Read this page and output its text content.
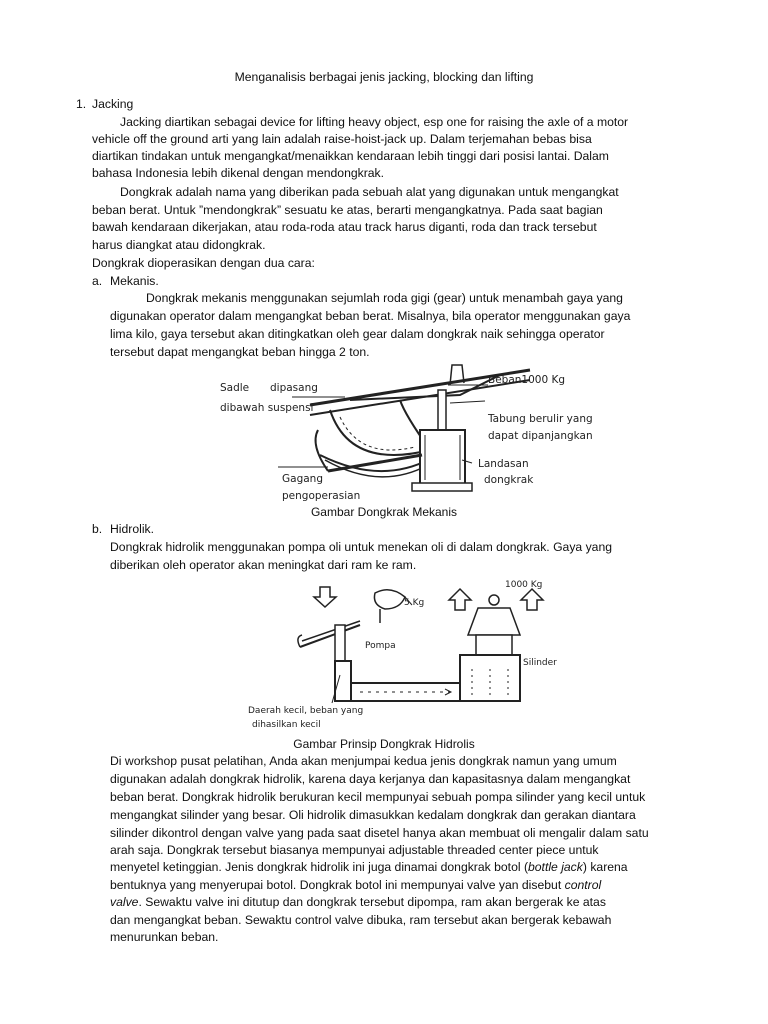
Menganalisis berbagai jenis jacking, blocking dan lifting
1. Jacking
Jacking diartikan sebagai device for lifting heavy object, esp one for raising the axle of a motor
vehicle off the ground arti yang lain adalah raise-hoist-jack up. Dalam terjemahan bebas bisa
diartikan tindakan untuk mengangkat/menaikkan kendaraan lebih tinggi dari posisi lantai. Dalam
bahasa Indonesia lebih dikenal dengan mendongkrak.
Dongkrak adalah nama yang diberikan pada sebuah alat yang digunakan untuk mengangkat
beban berat. Untuk ”mendongkrak” sesuatu ke atas, berarti mengangkatnya. Pada saat bagian
bawah kendaraan dikerjakan, atau roda-roda atau track harus diganti, roda dan track tersebut
harus diangkat atau didongkrak.
Dongkrak dioperasikan dengan dua cara:
a. Mekanis.
Dongkrak mekanis menggunakan sejumlah roda gigi (gear) untuk menambah gaya yang
digunakan operator dalam mengangkat beban berat. Misalnya, bila operator menggunakan gaya
lima kilo, gaya tersebut akan ditingkatkan oleh gear dalam dongkrak naik sehingga operator
tersebut dapat mengangkat beban hingga 2 ton.
Sadle dipasang
dibawah suspensi
Beban1000 Kg
Tabung berulir yang
dapat dipanjangkan
Landasan
dongkrak
Gagang
pengoperasian
Gambar Dongkrak Mekanis
b. Hidrolik.
Dongkrak hidrolik menggunakan pompa oli untuk menekan oli di dalam dongkrak. Gaya yang
diberikan oleh operator akan meningkat dari ram ke ram.
5 Kg
1000 Kg
Pompa
Silinder
Daerah kecil, beban yang
dihasilkan kecil
Gambar Prinsip Dongkrak Hidrolis
Di workshop pusat pelatihan, Anda akan menjumpai kedua jenis dongkrak namun yang umum
digunakan adalah dongkrak hidrolik, karena daya kerjanya dan kapasitasnya dalam mengangkat
beban berat. Dongkrak hidrolik berukuran kecil mempunyai sebuah pompa silinder yang kecil untuk
mengangkat silinder yang besar. Oli hidrolik dimasukkan kedalam dongkrak dan gerakan diantara
silinder dikontrol dengan valve yang pada saat disetel hanya akan membuat oli mengalir dalam satu
arah saja. Dongkrak tersebut biasanya mempunyai adjustable threaded center piece untuk
menyetel ketinggian. Jenis dongkrak hidrolik ini juga dinamai dongkrak botol (bottle jack) karena
bentuknya yang menyerupai botol. Dongkrak botol ini mempunyai valve yan disebut control
valve. Sewaktu valve ini ditutup dan dongkrak tersebut dipompa, ram akan bergerak ke atas
dan mengangkat beban. Sewaktu control valve dibuka, ram tersebut akan bergerak kebawah
menurunkan beban.
